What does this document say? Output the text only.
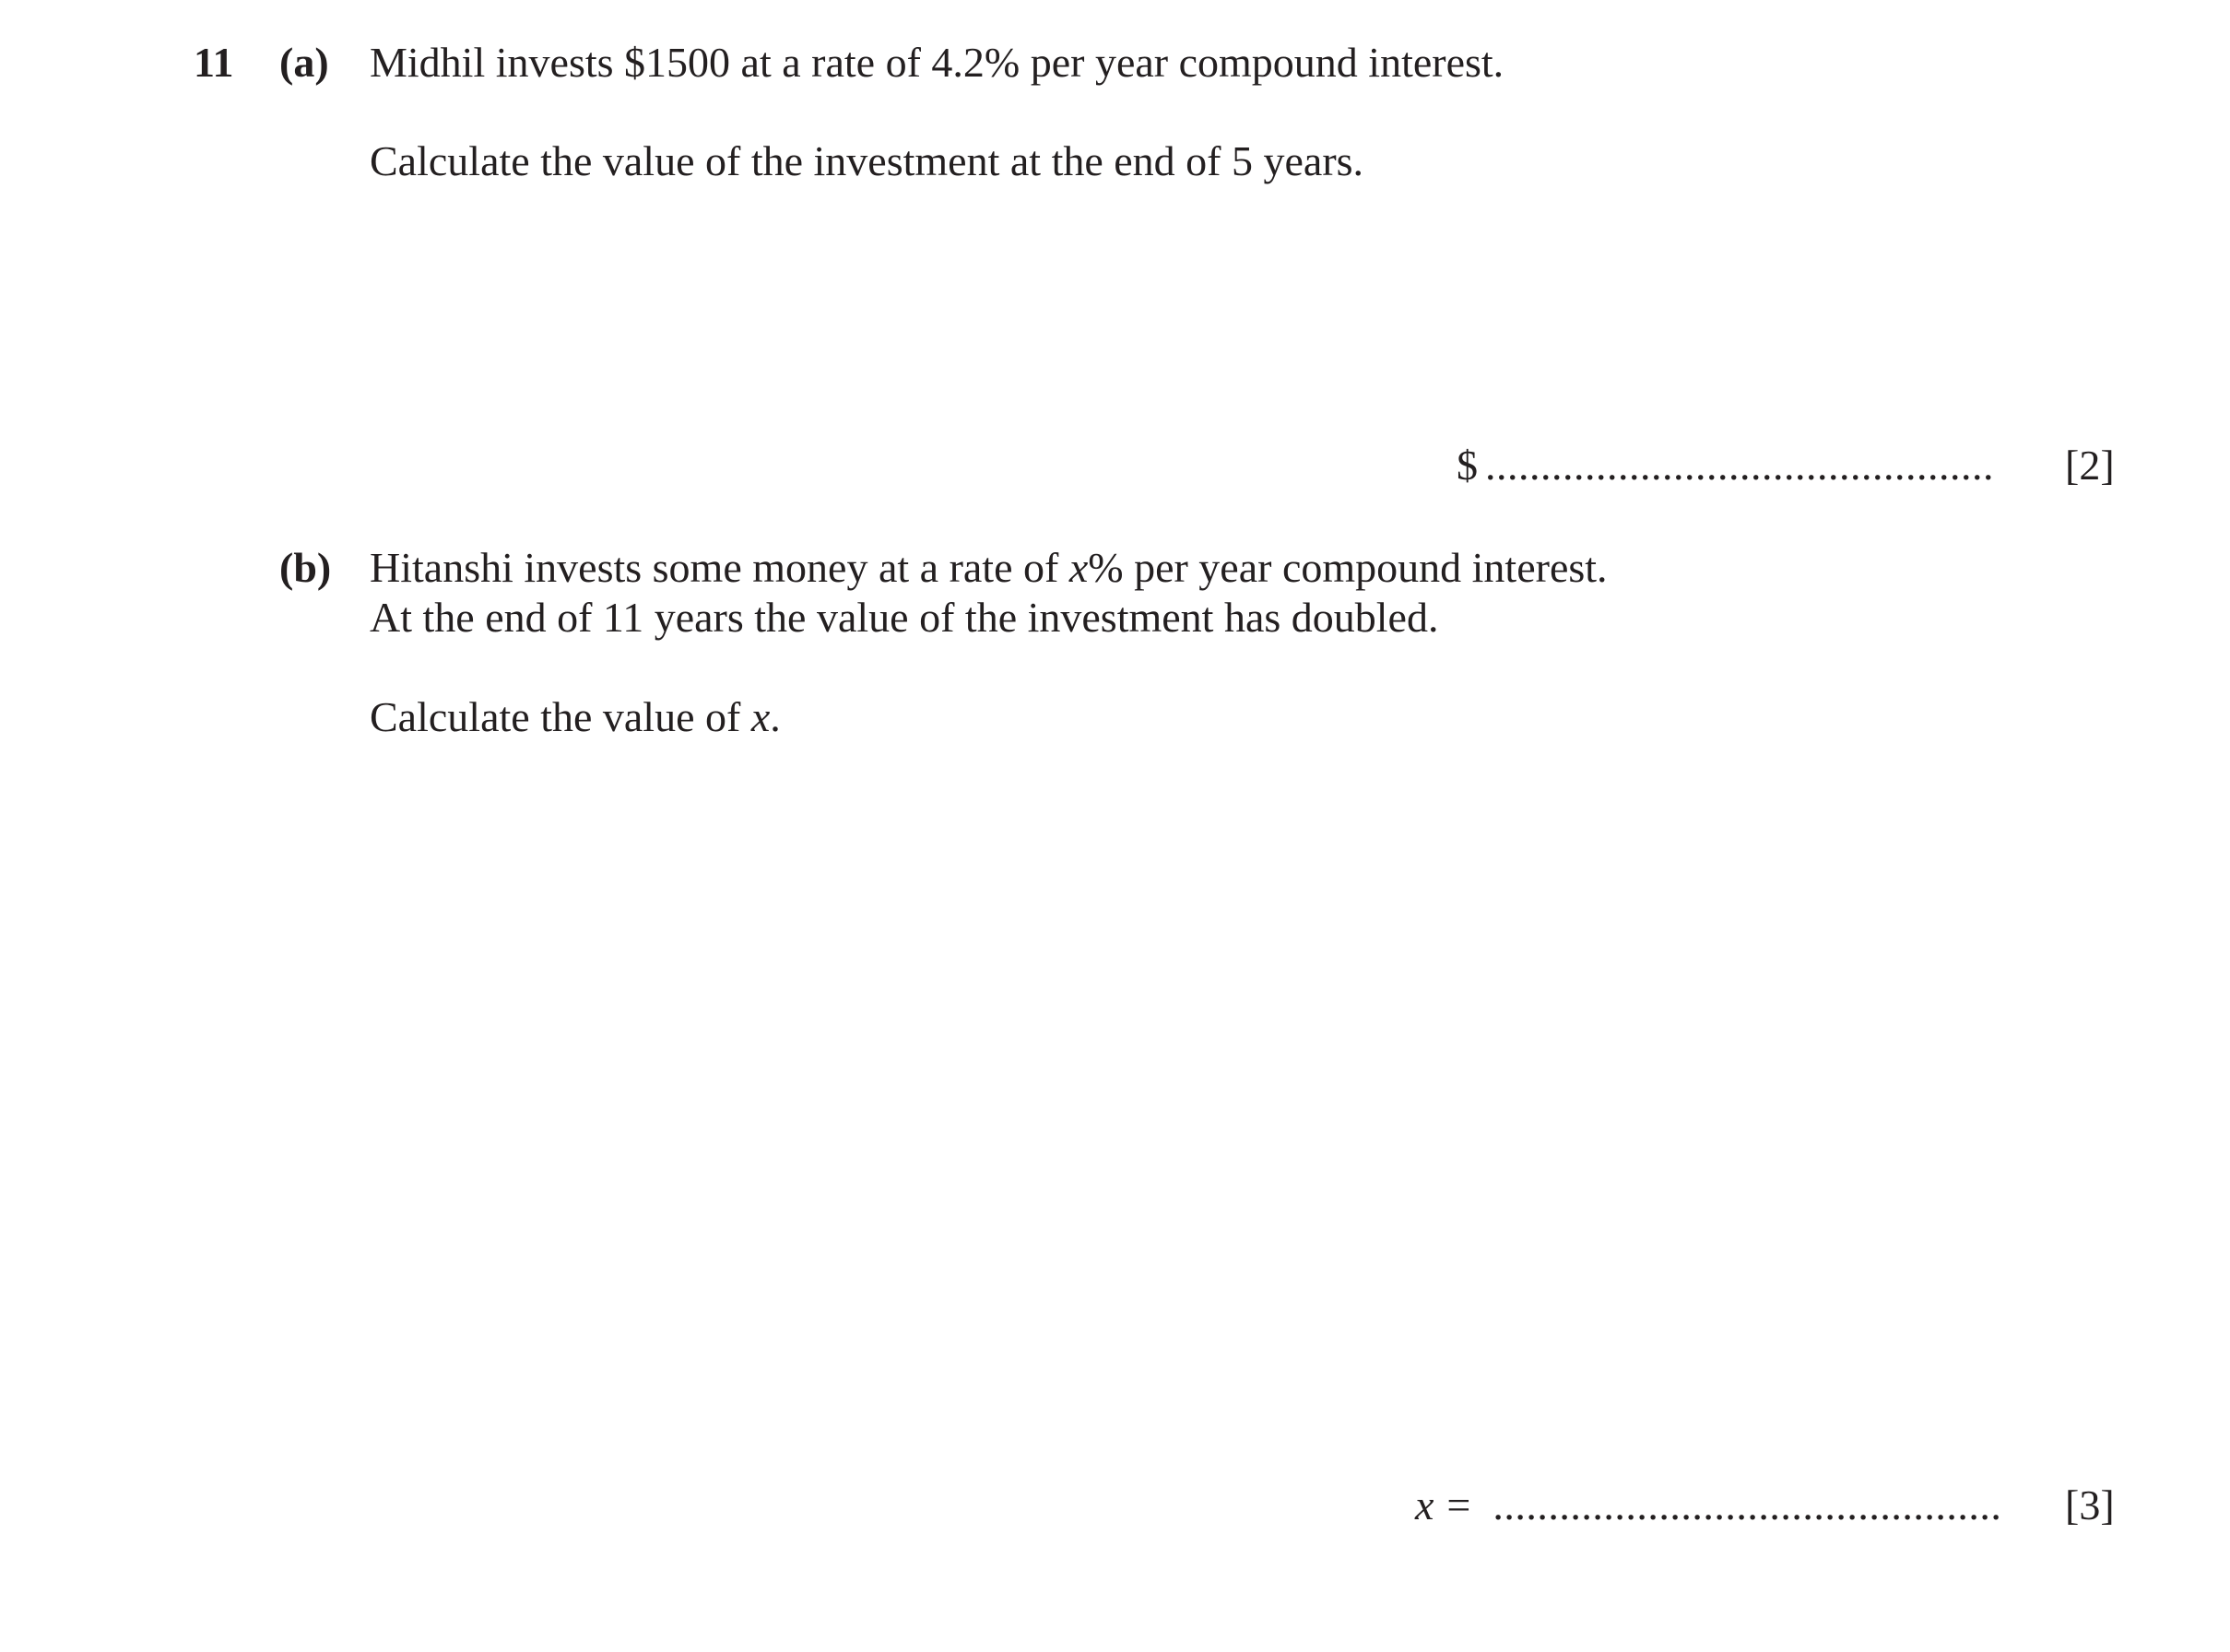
11 (a) Midhil invests $1500 at a rate of 4.2% per year compound interest.
Calculate the value of the investment at the end of 5 years.
$ ..............................................	[2]
(b) Hitanshi invests some money at a rate of x% per year compound interest.
At the end of 11 years the value of the investment has doubled.
Calculate the value of x.
x = ..............................................	[3]
